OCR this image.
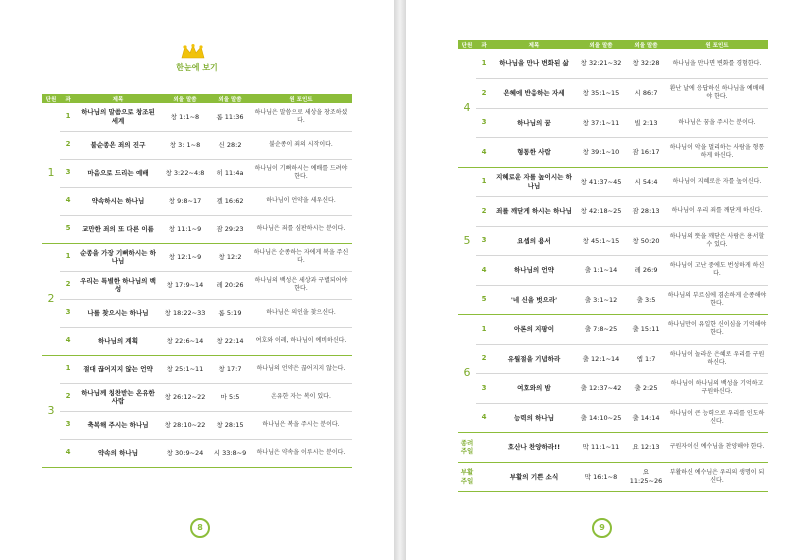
한눈에 보기
단원	과	제목	외울 말씀	외울 말씀	원 포인트
1	1	하나님의 말씀으로 창조된 세계	창 1:1~8	롬 11:36	하나님은 말씀으로 세상을 창조하셨다.
	2	불순종은 죄의 진구	창 3: 1~8	신 28:2	불순종이 죄의 시작이다.
	3	마음으로 드리는 예배	창 3:22~4:8	히 11:4a	하나님이 기뻐하시는 예배를 드려야 한다.
	4	약속하시는 하나님	창 9:8~17	겔 16:62	하나님이 언약을 세우신다.
	5	교만한 죄의 또 다른 이름	창 11:1~9	잠 29:23	하나님은 죄를 심판하시는 분이다.
2	1	순종을 가장 기뻐하시는 하나님	창 12:1~9	창 12:2	하나님은 순종하는 자에게 복을 주신다.
	2	우리는 특별한 하나님의 백성	창 17:9~14	레 20:26	하나님의 백성은 세상과 구별되어야 한다.
	3	나를 찾으시는 하나님	창 18:22~33	롬 5:19	하나님은 의인을 찾으신다.
	4	하나님의 계획	창 22:6~14	창 22:14	여호와 이레, 하나님이 예비하신다.
3	1	절대 끊어지지 않는 언약	창 25:1~11	창 17:7	하나님의 언약은 끊어지지 않는다.
	2	하나님께 칭찬받는 온유한 사람	창 26:12~22	마 5:5	온유한 자는 복이 있다.
	3	축복해 주시는 하나님	창 28:10~22	창 28:15	하나님은 복을 주시는 분이다.
	4	약속의 하나님	창 30:9~24	시 33:8~9	하나님은 약속을 이루시는 분이다.
8
단원	과	제목	외울 말씀	외울 말씀	원 포인트
4	1	하나님을 만나 변화된 삶	창 32:21~32	창 32:28	하나님을 만나면 변화를 경험한다.
	2	은혜에 반응하는 자세	창 35:1~15	시 86:7	환난 날에 응답하신 하나님을 예배해야 한다.
	3	하나님의 꿈	창 37:1~11	빌 2:13	하나님은 꿈을 주시는 분이다.
	4	형통한 사람	창 39:1~10	잠 16:17	하나님이 악을 멀리하는 사람을 형통하게 하신다.
5	1	지혜로운 자를 높이시는 하나님	창 41:37~45	시 54:4	하나님이 지혜로운 자를 높이신다.
	2	죄를 깨닫게 하시는 하나님	창 42:18~25	잠 28:13	하나님이 우리 죄를 깨닫게 하신다.
	3	요셉의 용서	창 45:1~15	창 50:20	하나님의 뜻을 깨닫은 사람은 용서할 수 있다.
	4	하나님의 언약	출 1:1~14	레 26:9	하나님이 고난 중에도 번성하게 하신다.
	5	'네 신을 벗으라'	출 3:1~12	출 3:5	하나님의 부르심에 겸손하게 순종해야 한다.
6	1	아론의 지팡이	출 7:8~25	출 15:11	하나님만이 유일한 신이심을 기억해야 한다.
	2	유월절을 기념하라	출 12:1~14	엡 1:7	하나님이 놀라운 은혜로 우리를 구원하신다.
	3	여호와의 밤	출 12:37~42	출 2:25	하나님이 하나님의 백성을 기억하고 구원하신다.
	4	능력의 하나님	출 14:10~25	출 14:14	하나님이 큰 능력으로 우리를 인도하신다.
종려 주일		호산나 찬양하라!!	막 11:1~11	요 12:13	구원자이신 예수님을 찬양해야 한다.
부활 주일		부활의 기쁜 소식	막 16:1~8	요 11:25~26	부활하신 예수님은 우리의 생명이 되신다.
9
